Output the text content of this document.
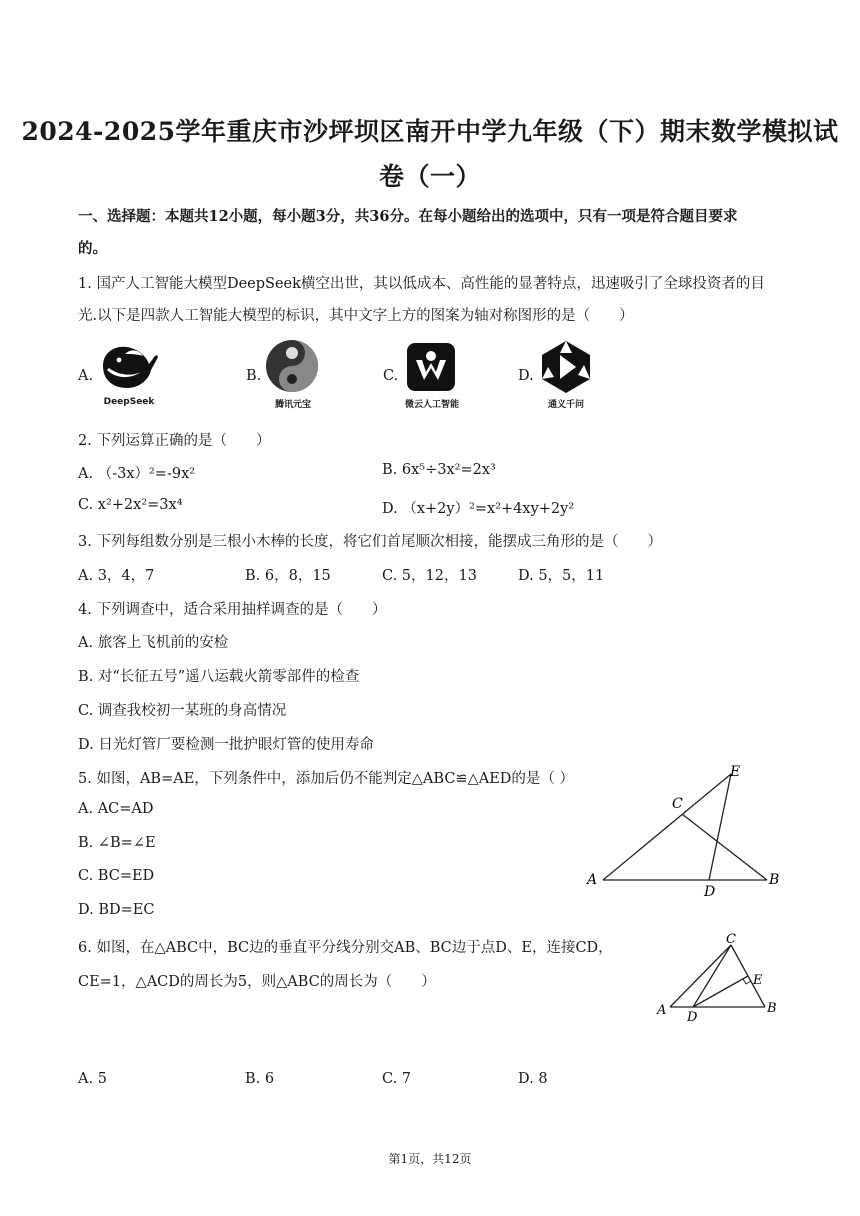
2024-2025学年重庆市沙坪坝区南开中学九年级（下）期末数学模拟试
卷（一）
一、选择题：本题共12小题，每小题3分，共36分。在每小题给出的选项中，只有一项是符合题目要求
的。
1. 国产人工智能大模型DeepSeek横空出世，其以低成本、高性能的显著特点，迅速吸引了全球投资者的目
光.以下是四款人工智能大模型的标识，其中文字上方的图案为轴对称图形的是（　　）
A.
DeepSeek
B.
腾讯元宝
C.
微云人工智能
D.
通义千问
2. 下列运算正确的是（　　）
A. （-3x）²=-9x²	B. 6x⁵÷3x²=2x³
C. x²+2x²=3x⁴	D. （x+2y）²=x²+4xy+2y²
3. 下列每组数分别是三根小木棒的长度，将它们首尾顺次相接，能摆成三角形的是（　　）
A. 3，4，7	B. 6，8，15	C. 5，12，13	D. 5，5，11
4. 下列调查中，适合采用抽样调查的是（　　）
A. 旅客上飞机前的安检
B. 对“长征五号”遥八运载火箭零部件的检查
C. 调查我校初一某班的身高情况
D. 日光灯管厂要检测一批护眼灯管的使用寿命
5. 如图，AB=AE，下列条件中，添加后仍不能判定△ABC≌△AED的是（ ）
A. AC=AD
B. ∠B=∠E
C. BC=ED
D. BD=EC
A	B
C
D
E
6. 如图，在△ABC中，BC边的垂直平分线分别交AB、BC边于点D、E，连接CD，
CE=1，△ACD的周长为5，则△ABC的周长为（　　）
A	B
C
D
E
A. 5	B. 6	C. 7	D. 8
第1页，共12页
